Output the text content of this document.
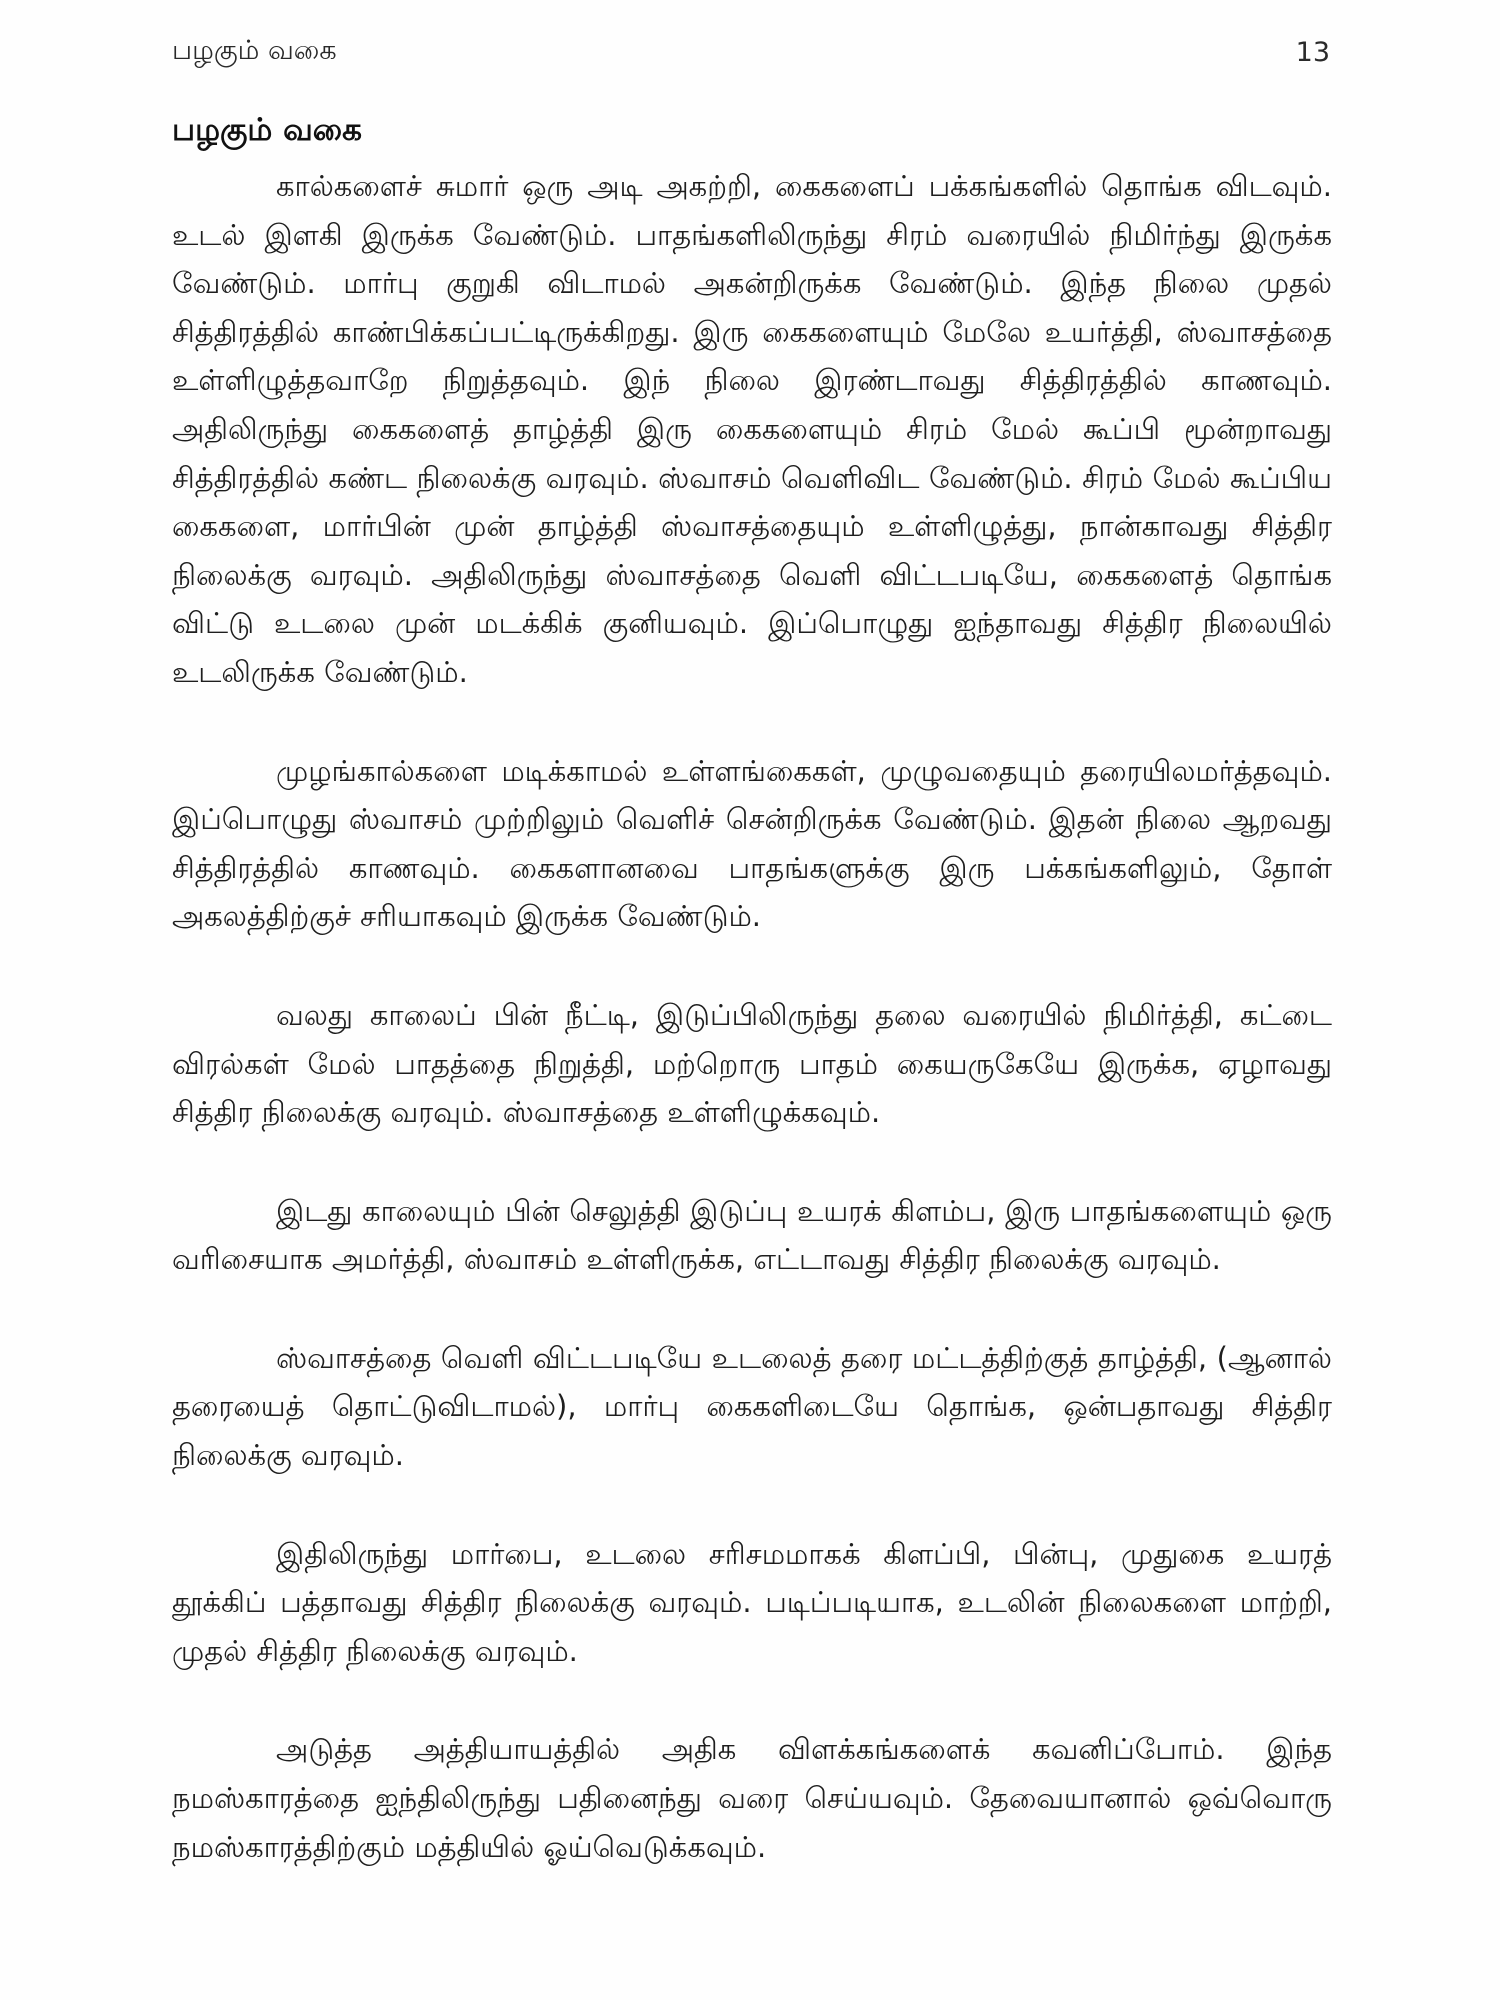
பழகும் வகை	13
பழகும் வகை

கால்களைச் சுமார் ஒரு அடி அகற்றி, கைகளைப் பக்கங்களில் தொங்க விடவும். உடல் இளகி இருக்க வேண்டும். பாதங்களிலிருந்து சிரம் வரையில் நிமிர்ந்து இருக்க வேண்டும். மார்பு குறுகி விடாமல் அகன்றிருக்க வேண்டும். இந்த நிலை முதல் சித்திரத்தில் காண்பிக்கப்பட்டிருக்கிறது. இரு கைகளையும் மேலே உயர்த்தி, ஸ்வாசத்தை உள்ளிழுத்தவாறே நிறுத்தவும். இந் நிலை இரண்டாவது சித்திரத்தில் காணவும். அதிலிருந்து கைகளைத் தாழ்த்தி இரு கைகளையும் சிரம் மேல் கூப்பி மூன்றாவது சித்திரத்தில் கண்ட நிலைக்கு வரவும். ஸ்வாசம் வெளிவிட வேண்டும். சிரம் மேல் கூப்பிய கைகளை, மார்பின் முன் தாழ்த்தி ஸ்வாசத்தையும் உள்ளிழுத்து, நான்காவது சித்திர நிலைக்கு வரவும். அதிலிருந்து ஸ்வாசத்தை வெளி விட்டபடியே, கைகளைத் தொங்க விட்டு உடலை முன் மடக்கிக் குனியவும். இப்பொழுது ஐந்தாவது சித்திர நிலையில் உடலிருக்க வேண்டும்.

முழங்கால்களை மடிக்காமல் உள்ளங்கைகள், முழுவதையும் தரையிலமர்த்தவும். இப்பொழுது ஸ்வாசம் முற்றிலும் வெளிச் சென்றிருக்க வேண்டும். இதன் நிலை ஆறவது சித்திரத்தில் காணவும். கைகளானவை பாதங்களுக்கு இரு பக்கங்களிலும், தோள் அகலத்திற்குச் சரியாகவும் இருக்க வேண்டும்.

வலது காலைப் பின் நீட்டி, இடுப்பிலிருந்து தலை வரையில் நிமிர்த்தி, கட்டை விரல்கள் மேல் பாதத்தை நிறுத்தி, மற்றொரு பாதம் கையருகேயே இருக்க, ஏழாவது சித்திர நிலைக்கு வரவும். ஸ்வாசத்தை உள்ளிழுக்கவும்.

இடது காலையும் பின் செலுத்தி இடுப்பு உயரக் கிளம்ப, இரு பாதங்களையும் ஒரு வரிசையாக அமர்த்தி, ஸ்வாசம் உள்ளிருக்க, எட்டாவது சித்திர நிலைக்கு வரவும்.

ஸ்வாசத்தை வெளி விட்டபடியே உடலைத் தரை மட்டத்திற்குத் தாழ்த்தி, (ஆனால் தரையைத் தொட்டுவிடாமல்), மார்பு கைகளிடையே தொங்க, ஒன்பதாவது சித்திர நிலைக்கு வரவும்.

இதிலிருந்து மார்பை, உடலை சரிசமமாகக் கிளப்பி, பின்பு, முதுகை உயரத் தூக்கிப் பத்தாவது சித்திர நிலைக்கு வரவும். படிப்படியாக, உடலின் நிலைகளை மாற்றி, முதல் சித்திர நிலைக்கு வரவும்.

அடுத்த அத்தியாயத்தில் அதிக விளக்கங்களைக் கவனிப்போம். இந்த நமஸ்காரத்தை ஐந்திலிருந்து பதினைந்து வரை செய்யவும். தேவையானால் ஒவ்வொரு நமஸ்காரத்திற்கும் மத்தியில் ஓய்வெடுக்கவும்.
